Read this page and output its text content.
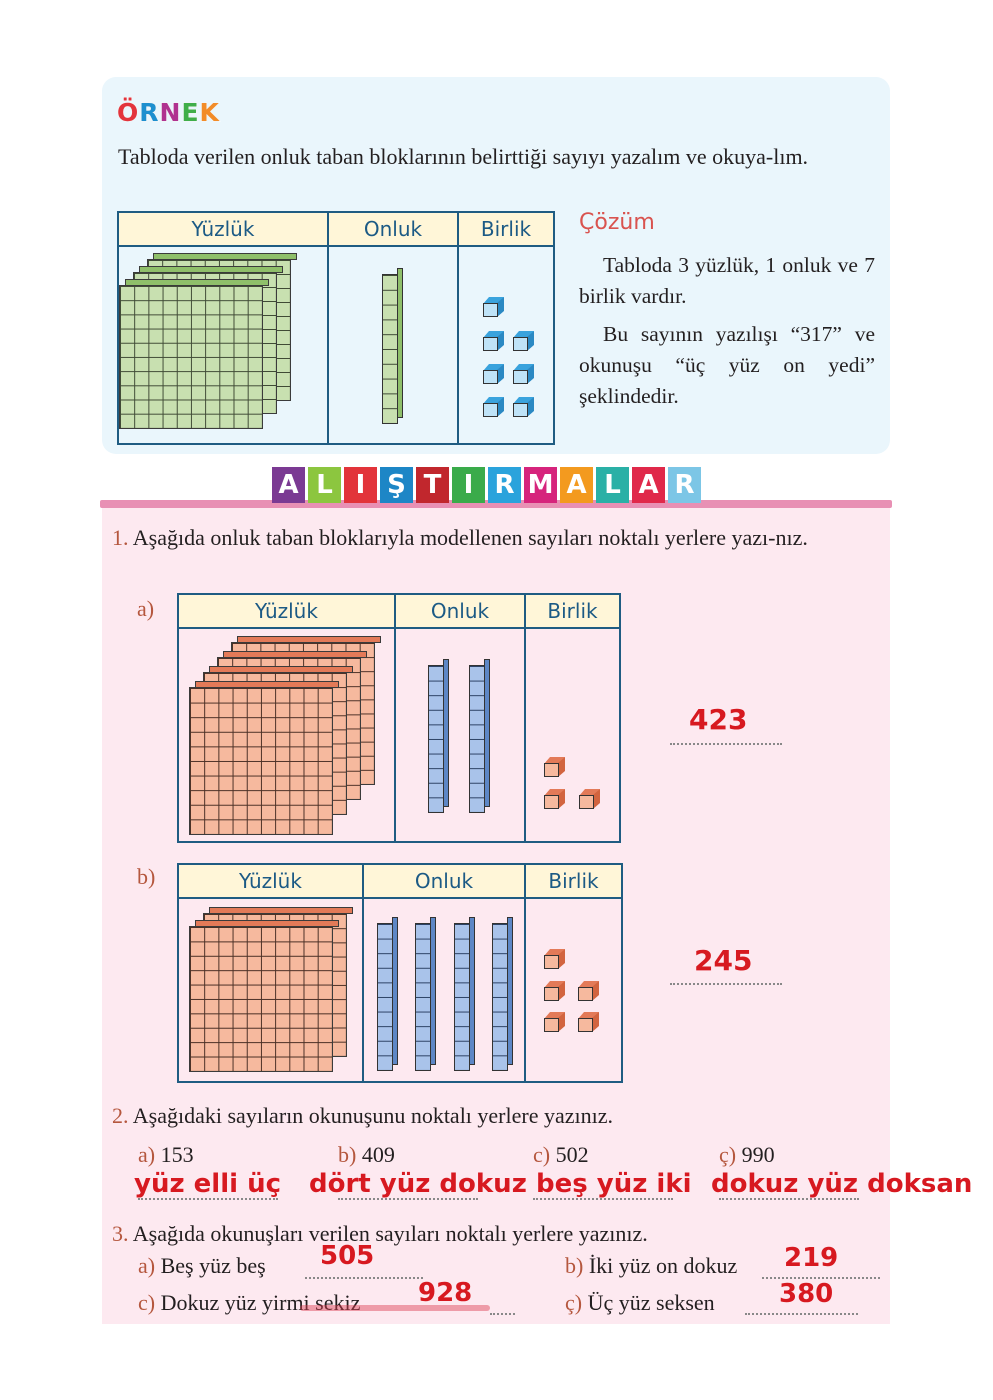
ÖRNEK
Tabloda verilen onluk taban bloklarının belirttiği sayıyı yazalım ve okuya-lım.
Yüzlük	Onluk	Birlik	Çözüm
Tabloda 3 yüzlük, 1 onluk ve 7 birlik vardır.
Bu sayının yazılışı “317” ve okunuşu “üç yüz on yedi” şeklindedir.
A L I Ş T I R M A L A R
1. Aşağıda onluk taban bloklarıyla modellenen sayıları noktalı yerlere yazı-nız.
a)	Yüzlük	Onluk	Birlik
423
b)	Yüzlük	Onluk	Birlik
245
2. Aşağıdaki sayıların okunuşunu noktalı yerlere yazınız.
a) 153	b) 409	c) 502	ç) 990
yüz elli üç dört yüz dokuz beş yüz iki dokuz yüz doksan
3. Aşağıda okunuşları verilen sayıları noktalı yerlere yazınız.
a) Beş yüz beş 505	b) İki yüz on dokuz 219
c) Dokuz yüz yirmi sekiz 928	ç) Üç yüz seksen 380
